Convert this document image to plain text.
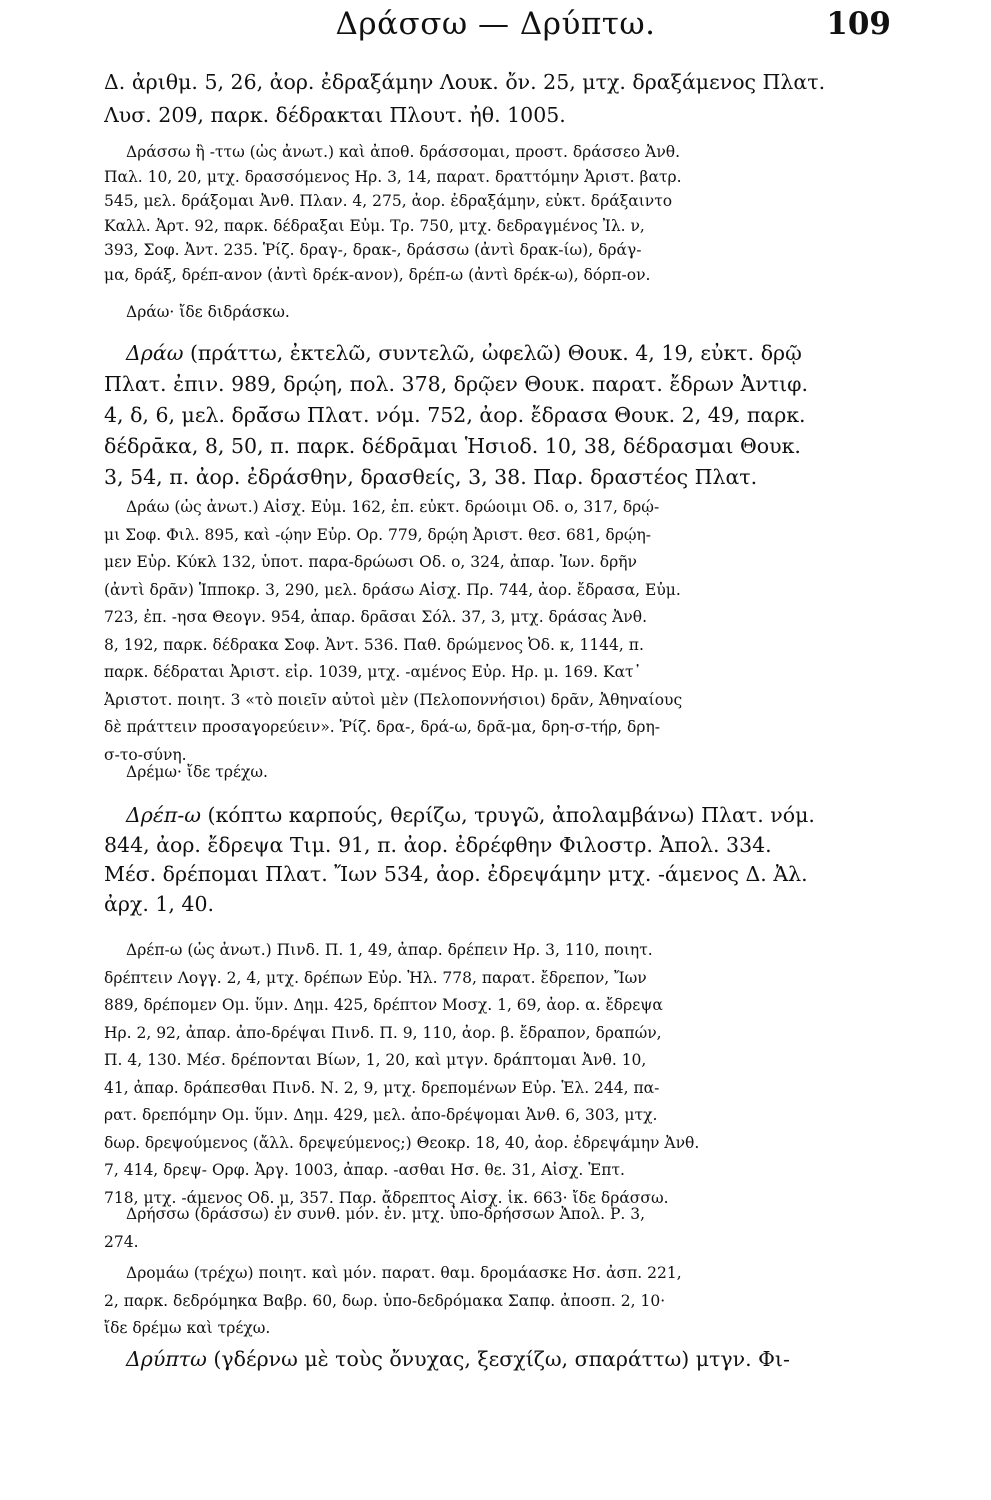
Δράσσω — Δρύπτω.	109
Δ. ἀριθμ. 5, 26, ἀορ. ἐδραξάμην Λουκ. ὄν. 25, μτχ. δραξάμενος Πλατ.
Λυσ. 209, παρκ. δέδρακται Πλουτ. ἠθ. 1005.
Δράσσω ἢ -ττω (ὡς ἀνωτ.) καὶ ἀποθ. δράσσομαι, προστ. δράσσεο Ἀνθ.
Παλ. 10, 20, μτχ. δρασσόμενος Ηρ. 3, 14, παρατ. δραττόμην Ἀριστ. βατρ.
545, μελ. δράξομαι Ἀνθ. Πλαν. 4, 275, ἀορ. ἐδραξάμην, εὐκτ. δράξαιντο
Καλλ. Ἀρτ. 92, παρκ. δέδραξαι Εὐμ. Τρ. 750, μτχ. δεδραγμένος Ἰλ. ν,
393, Σοφ. Ἀντ. 235. Ῥίζ. δραγ-, δρακ-, δράσσω (ἀντὶ δρακ-ίω), δράγ-
μα, δράξ, δρέπ-ανον (ἀντὶ δρέκ-ανον), δρέπ-ω (ἀντὶ δρέκ-ω), δόρπ-ον.
Δράω· ἴδε διδράσκω.
Δράω (πράττω, ἐκτελῶ, συντελῶ, ὠφελῶ) Θουκ. 4, 19, εὐκτ. δρῷ
Πλατ. ἐπιν. 989, δρῴη, πολ. 378, δρῷεν Θουκ. παρατ. ἔδρων Ἀντιφ.
4, δ, 6, μελ. δρᾱ́σω Πλατ. νόμ. 752, ἀορ. ἔδρασα Θουκ. 2, 49, παρκ.
δέδρᾱκα, 8, 50, π. παρκ. δέδρᾱμαι Ἡσιοδ. 10, 38, δέδρασμαι Θουκ.
3, 54, π. ἀορ. ἐδράσθην, δρασθείς, 3, 38. Παρ. δραστέος Πλατ.
Δράω (ὡς ἀνωτ.) Αἰσχ. Εὐμ. 162, ἐπ. εὐκτ. δρώοιμι Οδ. ο, 317, δρῴ-
μι Σοφ. Φιλ. 895, καὶ -ῴην Εὐρ. Ορ. 779, δρῴη Ἀριστ. θεσ. 681, δρῴη-
μεν Εὐρ. Κύκλ 132, ὑποτ. παρα-δρώωσι Οδ. ο, 324, ἀπαρ. Ἰων. δρῆν
(ἀντὶ δρᾶν) Ἱπποκρ. 3, 290, μελ. δράσω Αἰσχ. Πρ. 744, ἀορ. ἔδρασα, Εὐμ.
723, ἐπ. -ησα Θεογν. 954, ἀπαρ. δρᾶσαι Σόλ. 37, 3, μτχ. δράσας Ἀνθ.
8, 192, παρκ. δέδρακα Σοφ. Ἀντ. 536. Παθ. δρώμενος Ὀδ. κ, 1144, π.
παρκ. δέδραται Ἀριστ. εἰρ. 1039, μτχ. -αμένος Εὐρ. Ηρ. μ. 169. Κατ᾽
Ἀριστοτ. ποιητ. 3 «τὸ ποιεῖν αὐτοὶ μὲν (Πελοποννήσιοι) δρᾶν, Ἀθηναίους
δὲ πράττειν προσαγορεύειν». Ῥίζ. δρα-, δρά-ω, δρᾶ-μα, δρη-σ-τήρ, δρη-
σ-το-σύνη.
Δρέμω· ἴδε τρέχω.
Δρέπ-ω (κόπτω καρπούς, θερίζω, τρυγῶ, ἀπολαμβάνω) Πλατ. νόμ.
844, ἀορ. ἔδρεψα Τιμ. 91, π. ἀορ. ἐδρέφθην Φιλοστρ. Ἀπολ. 334.
Μέσ. δρέπομαι Πλατ. Ἴων 534, ἀορ. ἐδρεψάμην μτχ. -άμενος Δ. Ἀλ.
ἀρχ. 1, 40.
Δρέπ-ω (ὡς ἀνωτ.) Πινδ. Π. 1, 49, ἀπαρ. δρέπειν Ηρ. 3, 110, ποιητ.
δρέπτειν Λογγ. 2, 4, μτχ. δρέπων Εὐρ. Ἠλ. 778, παρατ. ἔδρεπον, Ἴων
889, δρέπομεν Ομ. ὕμν. Δημ. 425, δρέπτον Μοσχ. 1, 69, ἀορ. α. ἔδρεψα
Ηρ. 2, 92, ἀπαρ. ἀπο-δρέψαι Πινδ. Π. 9, 110, ἀορ. β. ἔδραπον, δραπών,
Π. 4, 130. Μέσ. δρέπονται Βίων, 1, 20, καὶ μτγν. δράπτομαι Ἀνθ. 10,
41, ἀπαρ. δράπεσθαι Πινδ. Ν. 2, 9, μτχ. δρεπομένων Εὐρ. Ἑλ. 244, πα-
ρατ. δρεπόμην Ομ. ὕμν. Δημ. 429, μελ. ἀπο-δρέψομαι Ἀνθ. 6, 303, μτχ.
δωρ. δρεψούμενος (ἄλλ. δρεψεύμενος;) Θεοκρ. 18, 40, ἀορ. ἐδρεψάμην Ἀνθ.
7, 414, δρεψ- Ορφ. Ἀργ. 1003, ἀπαρ. -ασθαι Ησ. θε. 31, Αἰσχ. Ἑπτ.
718, μτχ. -άμενος Οδ. μ, 357. Παρ. ἄδρεπτος Αἰσχ. ἱκ. 663· ἴδε δράσσω.
Δρήσσω (δράσσω) ἐν συνθ. μόν. ἐν. μτχ. ὑπο-δρήσσων Ἀπολ. Ρ. 3,
274.
Δρομάω (τρέχω) ποιητ. καὶ μόν. παρατ. θαμ. δρομάασκε Ησ. ἀσπ. 221,
2, παρκ. δεδρόμηκα Βαβρ. 60, δωρ. ὑπο-δεδρόμακα Σαπφ. ἀποσπ. 2, 10·
ἴδε δρέμω καὶ τρέχω.
Δρύπτω (γδέρνω μὲ τοὺς ὄνυχας, ξεσχίζω, σπαράττω) μτγν. Φι-
